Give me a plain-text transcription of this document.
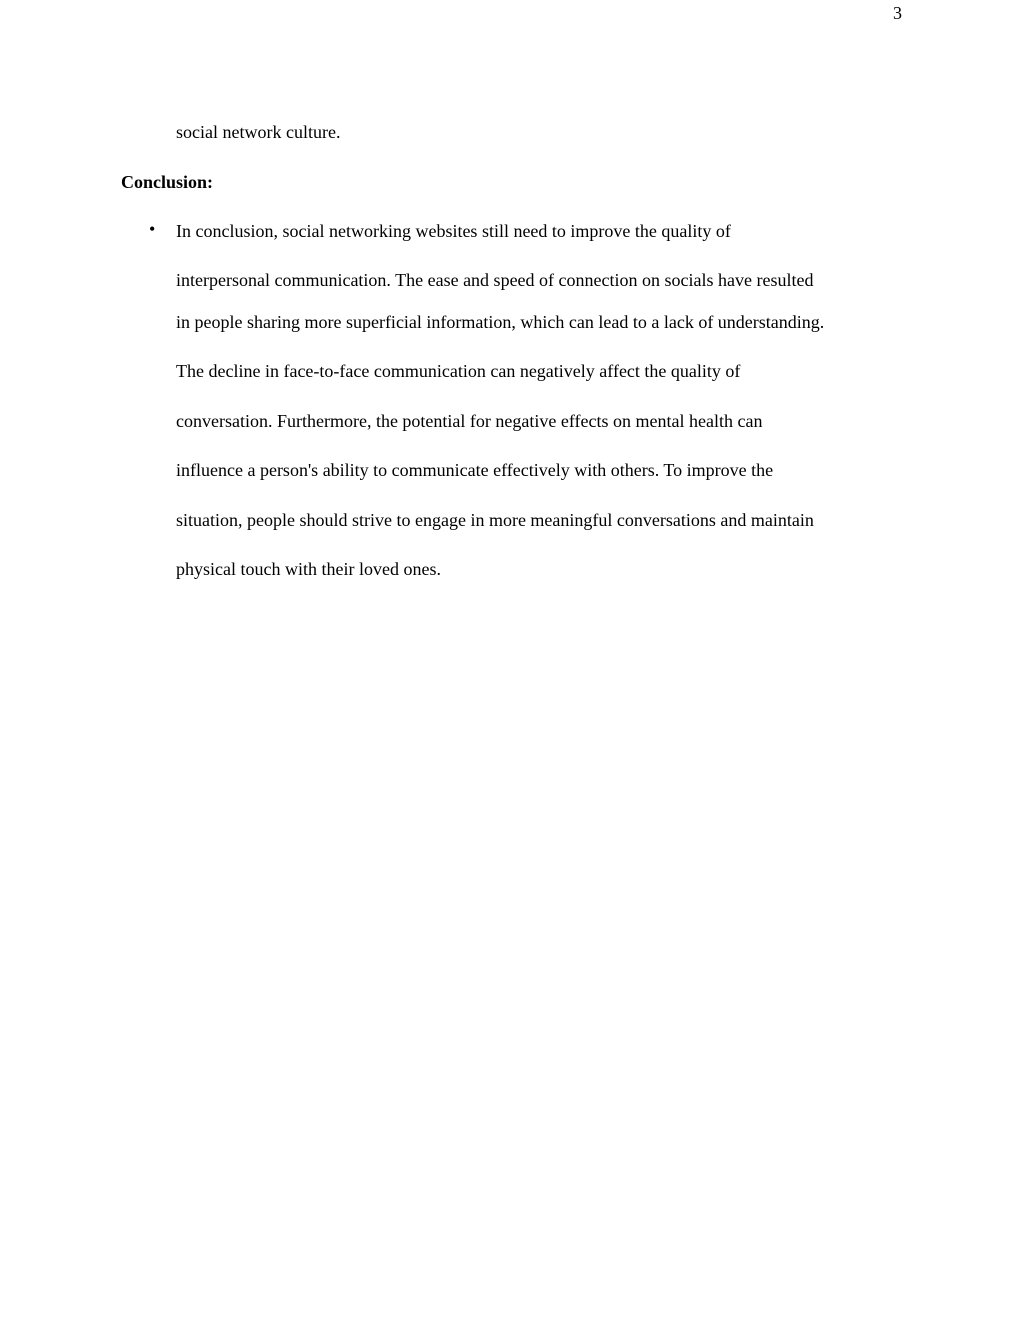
3
social network culture.
Conclusion:
• In conclusion, social networking websites still need to improve the quality of
interpersonal communication. The ease and speed of connection on socials have resulted
in people sharing more superficial information, which can lead to a lack of understanding.
The decline in face-to-face communication can negatively affect the quality of
conversation. Furthermore, the potential for negative effects on mental health can
influence a person's ability to communicate effectively with others. To improve the
situation, people should strive to engage in more meaningful conversations and maintain
physical touch with their loved ones.
